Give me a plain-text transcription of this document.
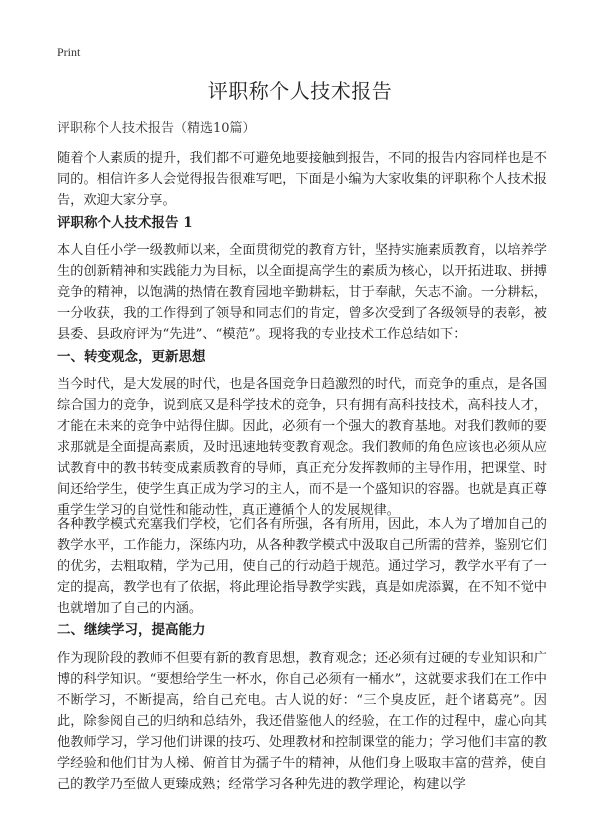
Print
评职称个人技术报告
评职称个人技术报告（精选10篇）

随着个人素质的提升，我们都不可避免地要接触到报告，不同的报告内容同样也是不同的。相信许多人会觉得报告很难写吧，下面是小编为大家收集的评职称个人技术报告，欢迎大家分享。

评职称个人技术报告 1

本人自任小学一级教师以来，全面贯彻党的教育方针，坚持实施素质教育，以培养学生的创新精神和实践能力为目标，以全面提高学生的素质为核心，以开拓进取、拼搏竞争的精神，以饱满的热情在教育园地辛勤耕耘，甘于奉献，矢志不渝。一分耕耘，一分收获，我的工作得到了领导和同志们的肯定，曾多次受到了各级领导的表彰，被县委、县政府评为“先进”、“模范”。现将我的专业技术工作总结如下：

一、转变观念，更新思想

当今时代，是大发展的时代，也是各国竞争日趋激烈的时代，而竞争的重点，是各国综合国力的竞争，说到底又是科学技术的竞争，只有拥有高科技技术，高科技人才，才能在未来的竞争中站得住脚。因此，必须有一个强大的教育基地。对我们教师的要求那就是全面提高素质，及时迅速地转变教育观念。我们教师的角色应该也必须从应试教育中的教书转变成素质教育的导师，真正充分发挥教师的主导作用，把课堂、时间还给学生，使学生真正成为学习的主人，而不是一个盛知识的容器。也就是真正尊重学生学习的自觉性和能动性，真正遵循个人的发展规律。

各种教学模式充塞我们学校，它们各有所强，各有所用，因此，本人为了增加自己的教学水平，工作能力，深练内功，从各种教学模式中汲取自己所需的营养，鉴别它们的优劣，去粗取精，学为己用，使自己的行动趋于规范。通过学习，教学水平有了一定的提高，教学也有了依据，将此理论指导教学实践，真是如虎添翼，在不知不觉中也就增加了自己的内涵。

二、继续学习，提高能力

作为现阶段的教师不但要有新的教育思想，教育观念；还必须有过硬的专业知识和广博的科学知识。“要想给学生一杯水，你自己必须有一桶水”，这就要求我们在工作中不断学习，不断提高，给自己充电。古人说的好：“三个臭皮匠，赶个诸葛亮”。因此，除参阅自己的归纳和总结外，我还借鉴他人的经验，在工作的过程中，虚心向其他教师学习，学习他们讲课的技巧、处理教材和控制课堂的能力；学习他们丰富的教学经验和他们甘为人梯、俯首甘为孺子牛的精神，从他们身上吸取丰富的营养，使自己的教学乃至做人更臻成熟；经常学习各种先进的教学理论，构建以学
